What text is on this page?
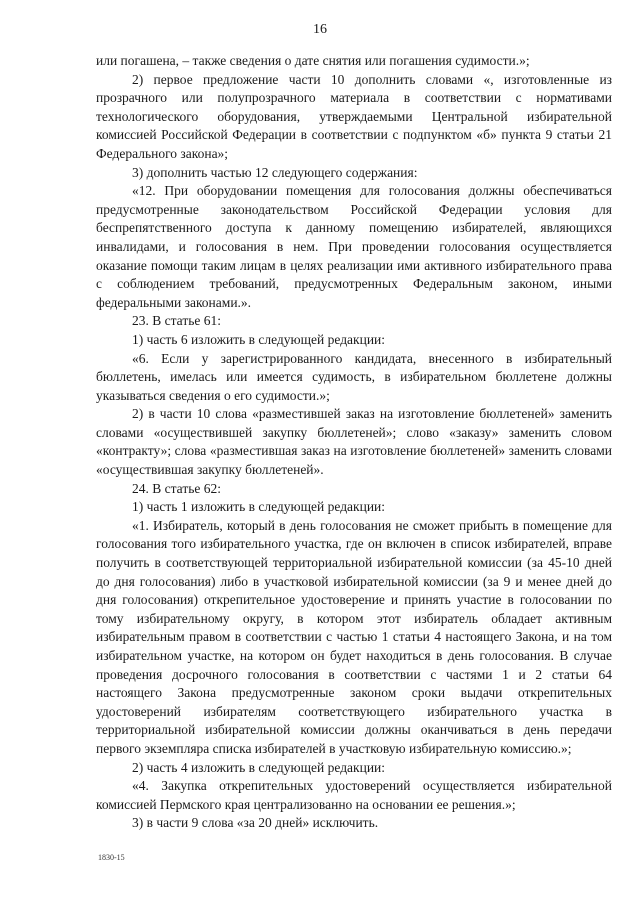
16

или погашена, – также сведения о дате снятия или погашения судимости.»;

2) первое предложение части 10 дополнить словами «, изготовленные из прозрачного или полупрозрачного материала в соответствии с нормативами технологического оборудования, утверждаемыми Центральной избирательной комиссией Российской Федерации в соответствии с подпунктом «б» пункта 9 статьи 21 Федерального закона»;

3) дополнить частью 12 следующего содержания:

«12. При оборудовании помещения для голосования должны обеспечиваться предусмотренные законодательством Российской Федерации условия для беспрепятственного доступа к данному помещению избирателей, являющихся инвалидами, и голосования в нем. При проведении голосования осуществляется оказание помощи таким лицам в целях реализации ими активного избирательного права с соблюдением требований, предусмотренных Федеральным законом, иными федеральными законами.».

23. В статье 61:

1) часть 6 изложить в следующей редакции:

«6. Если у зарегистрированного кандидата, внесенного в избирательный бюллетень, имелась или имеется судимость, в избирательном бюллетене должны указываться сведения о его судимости.»;

2) в части 10 слова «разместившей заказ на изготовление бюллетеней» заменить словами «осуществившей закупку бюллетеней»; слово «заказу» заменить словом «контракту»; слова «разместившая заказ на изготовление бюллетеней» заменить словами «осуществившая закупку бюллетеней».

24. В статье 62:

1) часть 1 изложить в следующей редакции:

«1. Избиратель, который в день голосования не сможет прибыть в помещение для голосования того избирательного участка, где он включен в список избирателей, вправе получить в соответствующей территориальной избирательной комиссии (за 45-10 дней до дня голосования) либо в участковой избирательной комиссии (за 9 и менее дней до дня голосования) открепительное удостоверение и принять участие в голосовании по тому избирательному округу, в котором этот избиратель обладает активным избирательным правом в соответствии с частью 1 статьи 4 настоящего Закона, и на том избирательном участке, на котором он будет находиться в день голосования. В случае проведения досрочного голосования в соответствии с частями 1 и 2 статьи 64 настоящего Закона предусмотренные законом сроки выдачи открепительных удостоверений избирателям соответствующего избирательного участка в территориальной избирательной комиссии должны оканчиваться в день передачи первого экземпляра списка избирателей в участковую избирательную комиссию.»;

2) часть 4 изложить в следующей редакции:

«4. Закупка открепительных удостоверений осуществляется избирательной комиссией Пермского края централизованно на основании ее решения.»;

3) в части 9 слова «за 20 дней» исключить.

1830-15
